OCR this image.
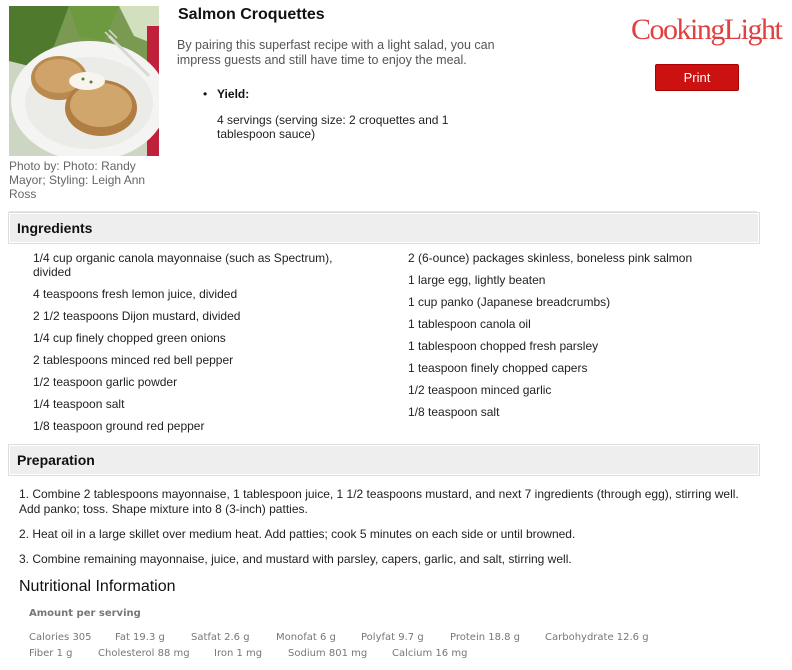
Photo by: Photo: Randy Mayor; Styling: Leigh Ann Ross
Salmon Croquettes
By pairing this superfast recipe with a light salad, you can impress guests and still have time to enjoy the meal.
• Yield:
4 servings (serving size: 2 croquettes and 1 tablespoon sauce)
CookingLight
Print
Ingredients
1/4 cup organic canola mayonnaise (such as Spectrum), divided
4 teaspoons fresh lemon juice, divided
2 1/2 teaspoons Dijon mustard, divided
1/4 cup finely chopped green onions
2 tablespoons minced red bell pepper
1/2 teaspoon garlic powder
1/4 teaspoon salt
1/8 teaspoon ground red pepper
2 (6-ounce) packages skinless, boneless pink salmon
1 large egg, lightly beaten
1 cup panko (Japanese breadcrumbs)
1 tablespoon canola oil
1 tablespoon chopped fresh parsley
1 teaspoon finely chopped capers
1/2 teaspoon minced garlic
1/8 teaspoon salt
Preparation
1. Combine 2 tablespoons mayonnaise, 1 tablespoon juice, 1 1/2 teaspoons mustard, and next 7 ingredients (through egg), stirring well. Add panko; toss. Shape mixture into 8 (3-inch) patties.
2. Heat oil in a large skillet over medium heat. Add patties; cook 5 minutes on each side or until browned.
3. Combine remaining mayonnaise, juice, and mustard with parsley, capers, garlic, and salt, stirring well.
Nutritional Information
Amount per serving
Calories 305 Fat 19.3 g	Satfat 2.6 g	Monofat 6 g	Polyfat 9.7 g	Protein 18.8 g Carbohydrate 12.6 g
Fiber 1 g	Cholesterol 88 mg Iron 1 mg	Sodium 801 mg Calcium 16 mg
